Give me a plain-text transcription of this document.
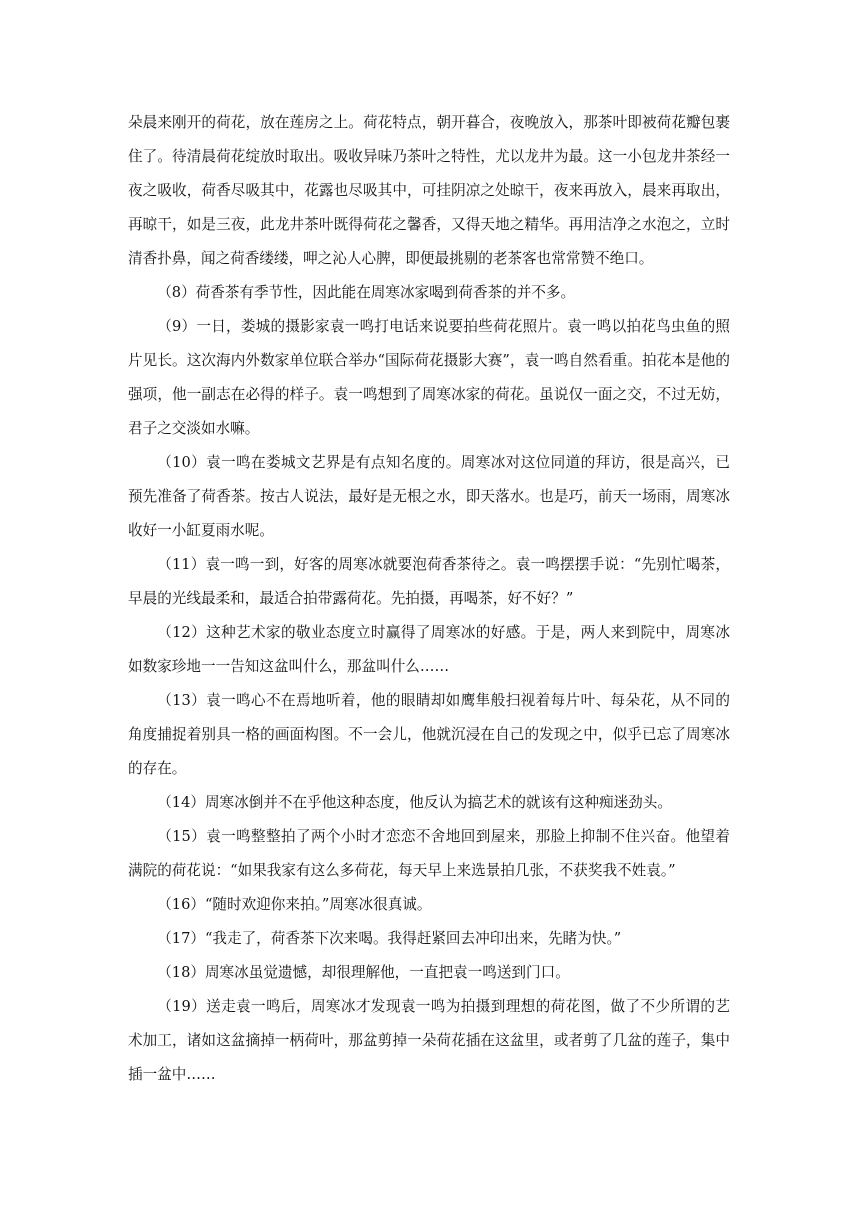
朵晨来刚开的荷花，放在莲房之上。荷花特点，朝开暮合，夜晚放入，那茶叶即被荷花瓣包裹住了。待清晨荷花绽放时取出。吸收异味乃茶叶之特性，尤以龙井为最。这一小包龙井茶经一夜之吸收，荷香尽吸其中，花露也尽吸其中，可挂阴凉之处晾干，夜来再放入，晨来再取出，再晾干，如是三夜，此龙井茶叶既得荷花之馨香，又得天地之精华。再用洁净之水泡之，立时清香扑鼻，闻之荷香缕缕，呷之沁人心脾，即便最挑剔的老茶客也常常赞不绝口。

（8）荷香茶有季节性，因此能在周寒冰家喝到荷香茶的并不多。

（9）一日，娄城的摄影家袁一鸣打电话来说要拍些荷花照片。袁一鸣以拍花鸟虫鱼的照片见长。这次海内外数家单位联合举办“国际荷花摄影大赛”，袁一鸣自然看重。拍花本是他的强项，他一副志在必得的样子。袁一鸣想到了周寒冰家的荷花。虽说仅一面之交，不过无妨，君子之交淡如水嘛。

（10）袁一鸣在娄城文艺界是有点知名度的。周寒冰对这位同道的拜访，很是高兴，已预先准备了荷香茶。按古人说法，最好是无根之水，即天落水。也是巧，前天一场雨，周寒冰收好一小缸夏雨水呢。

（11）袁一鸣一到，好客的周寒冰就要泡荷香茶待之。袁一鸣摆摆手说：“先别忙喝茶，早晨的光线最柔和，最适合拍带露荷花。先拍摄，再喝茶，好不好？”

（12）这种艺术家的敬业态度立时赢得了周寒冰的好感。于是，两人来到院中，周寒冰如数家珍地一一告知这盆叫什么，那盆叫什么……

（13）袁一鸣心不在焉地听着，他的眼睛却如鹰隼般扫视着每片叶、每朵花，从不同的角度捕捉着别具一格的画面构图。不一会儿，他就沉浸在自己的发现之中，似乎已忘了周寒冰的存在。

（14）周寒冰倒并不在乎他这种态度，他反认为搞艺术的就该有这种痴迷劲头。

（15）袁一鸣整整拍了两个小时才恋恋不舍地回到屋来，那脸上抑制不住兴奋。他望着满院的荷花说：“如果我家有这么多荷花，每天早上来选景拍几张，不获奖我不姓袁。”

（16）“随时欢迎你来拍。”周寒冰很真诚。

（17）“我走了，荷香茶下次来喝。我得赶紧回去冲印出来，先睹为快。”

（18）周寒冰虽觉遗憾，却很理解他，一直把袁一鸣送到门口。

（19）送走袁一鸣后，周寒冰才发现袁一鸣为拍摄到理想的荷花图，做了不少所谓的艺术加工，诸如这盆摘掉一柄荷叶，那盆剪掉一朵荷花插在这盆里，或者剪了几盆的莲子，集中插一盆中……
